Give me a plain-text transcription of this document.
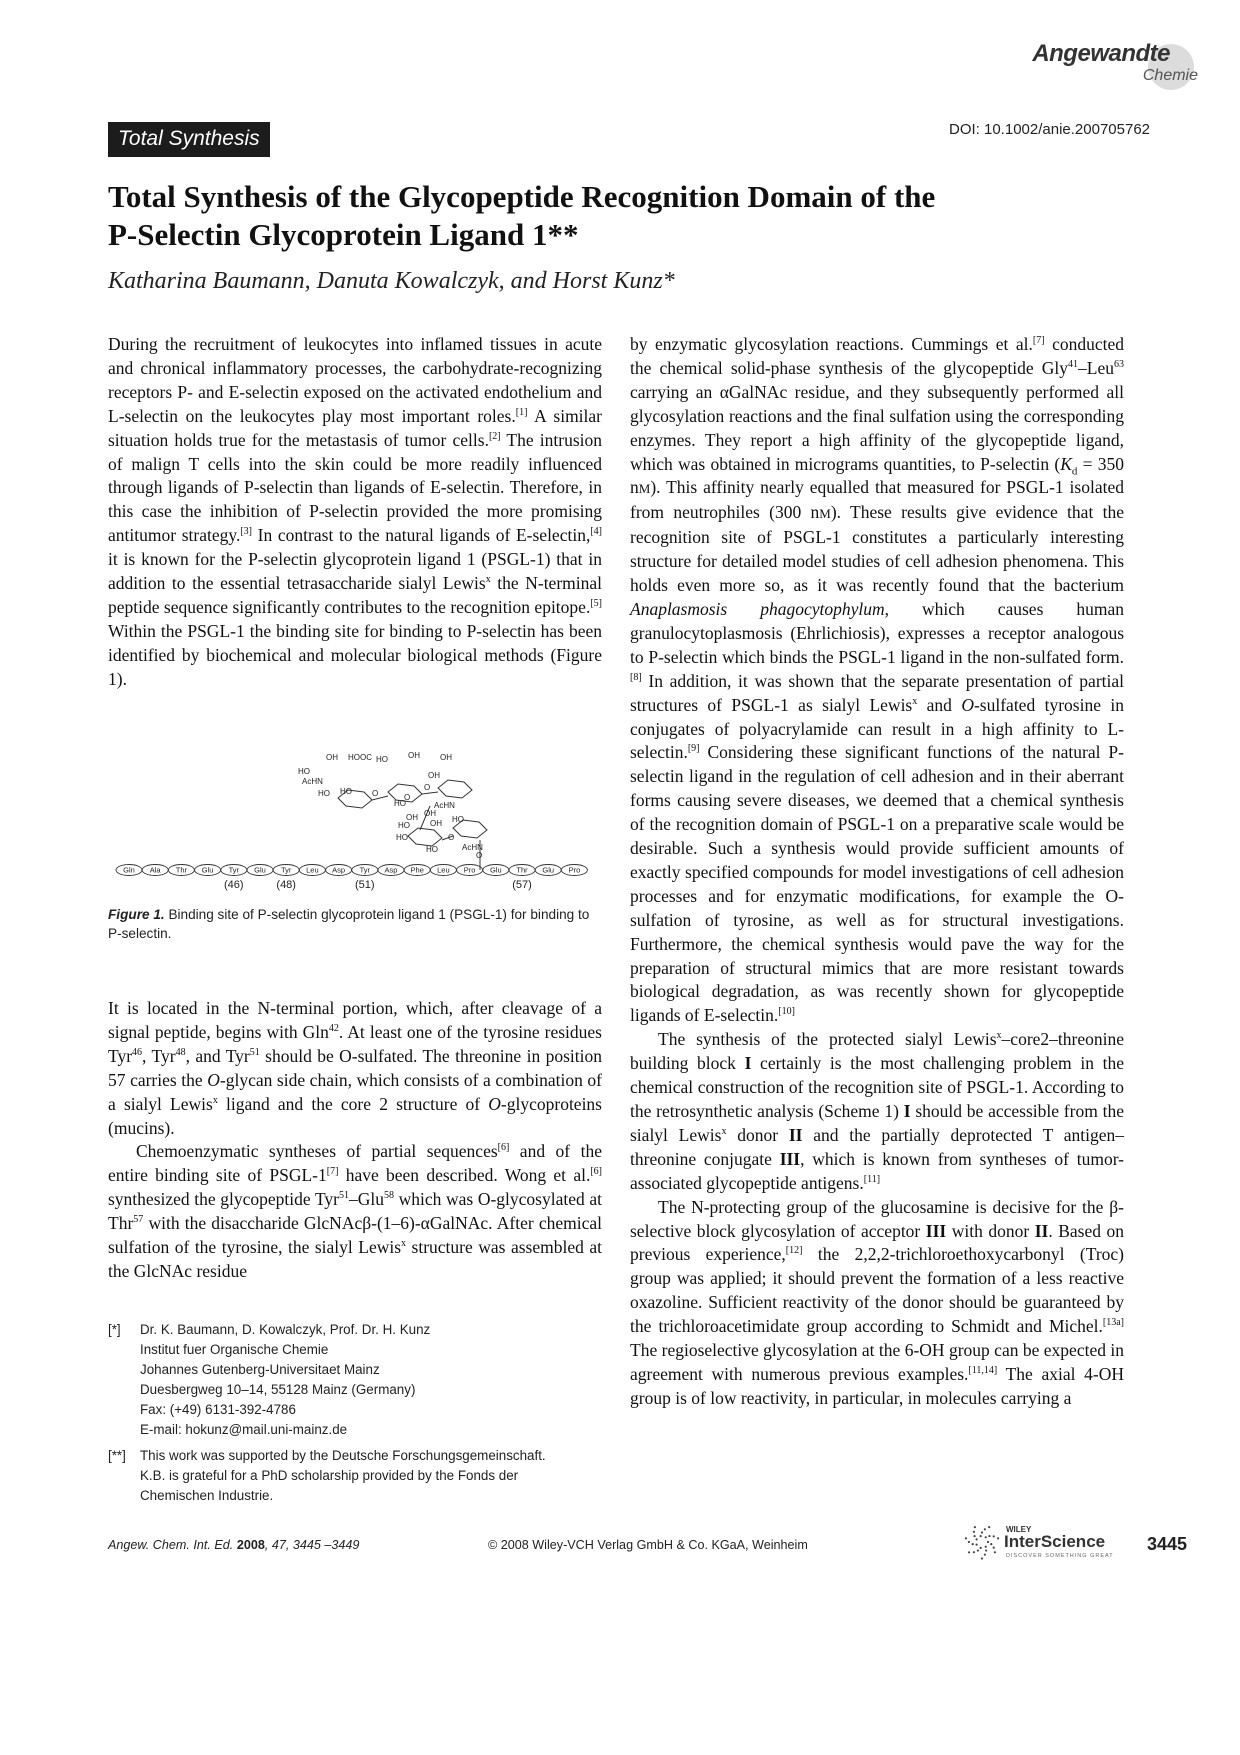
Angewandte
Chemie
Total Synthesis	DOI: 10.1002/anie.200705762
Total Synthesis of the Glycopeptide Recognition Domain of the
P-Selectin Glycoprotein Ligand 1**
Katharina Baumann, Danuta Kowalczyk, and Horst Kunz*

During the recruitment of leukocytes into inflamed tissues in acute and chronical inflammatory processes, the carbohydrate-recognizing receptors P- and E-selectin exposed on the activated endothelium and L-selectin on the leukocytes play most important roles.[1] A similar situation holds true for the metastasis of tumor cells.[2] The intrusion of malign T cells into the skin could be more readily influenced through ligands of P-selectin than ligands of E-selectin. Therefore, in this case the inhibition of P-selectin provided the more promising antitumor strategy.[3] In contrast to the natural ligands of E-selectin,[4] it is known for the P-selectin glycoprotein ligand 1 (PSGL-1) that in addition to the essential tetrasaccharide sialyl Lewis$^x$ the N-terminal peptide sequence significantly contributes to the recognition epitope.[5] Within the PSGL-1 the binding site for binding to P-selectin has been identified by biochemical and molecular biological methods (Figure 1).

OH HOOC HO	OH	OH
HO
AcHN
HO HO	O
O
AcHN
OH
HO
O
OH
HO
OH
OH
HO	O
AcHN
HO
HO
O
Gln Ala Thr Glu Tyr Glu Tyr Leu Asp Tyr Asp Phe Leu Pro Glu Thr Glu Pro
(46)	(48)	(51)	(57)
Figure 1. Binding site of P-selectin glycoprotein ligand 1 (PSGL-1) for binding to P-selectin.

It is located in the N-terminal portion, which, after cleavage of a signal peptide, begins with Gln$^{42}$. At least one of the tyrosine residues Tyr$^{46}$, Tyr$^{48}$, and Tyr$^{51}$ should be O-sulfated. The threonine in position 57 carries the O-glycan side chain, which consists of a combination of a sialyl Lewis$^x$ ligand and the core 2 structure of O-glycoproteins (mucins).

Chemoenzymatic syntheses of partial sequences[6] and of the entire binding site of PSGL-1[7] have been described. Wong et al.[6] synthesized the glycopeptide Tyr$^{51}$–Glu$^{58}$ which was O-glycosylated at Thr$^{57}$ with the disaccharide GlcNAcβ-(1–6)-αGalNAc. After chemical sulfation of the tyrosine, the sialyl Lewis$^x$ structure was assembled at the GlcNAc residue

by enzymatic glycosylation reactions. Cummings et al.[7] conducted the chemical solid-phase synthesis of the glycopeptide Gly$^{41}$–Leu$^{63}$ carrying an αGalNAc residue, and they subsequently performed all glycosylation reactions and the final sulfation using the corresponding enzymes. They report a high affinity of the glycopeptide ligand, which was obtained in micrograms quantities, to P-selectin ($K_d = 350$ nM). This affinity nearly equalled that measured for PSGL-1 isolated from neutrophiles (300 nM). These results give evidence that the recognition site of PSGL-1 constitutes a particularly interesting structure for detailed model studies of cell adhesion phenomena. This holds even more so, as it was recently found that the bacterium Anaplasmosis phagocytophylum, which causes human granulocytoplasmosis (Ehrlichiosis), expresses a receptor analogous to P-selectin which binds the PSGL-1 ligand in the non-sulfated form.[8] In addition, it was shown that the separate presentation of partial structures of PSGL-1 as sialyl Lewis$^x$ and O-sulfated tyrosine in conjugates of polyacrylamide can result in a high affinity to L-selectin.[9] Considering these significant functions of the natural P-selectin ligand in the regulation of cell adhesion and in their aberrant forms causing severe diseases, we deemed that a chemical synthesis of the recognition domain of PSGL-1 on a preparative scale would be desirable. Such a synthesis would provide sufficient amounts of exactly specified compounds for model investigations of cell adhesion processes and for enzymatic modifications, for example the O-sulfation of tyrosine, as well as for structural investigations. Furthermore, the chemical synthesis would pave the way for the preparation of structural mimics that are more resistant towards biological degradation, as was recently shown for glycopeptide ligands of E-selectin.[10]

The synthesis of the protected sialyl Lewis$^x$–core2–threonine building block I certainly is the most challenging problem in the chemical construction of the recognition site of PSGL-1. According to the retrosynthetic analysis (Scheme 1) I should be accessible from the sialyl Lewis$^x$ donor II and the partially deprotected T antigen–threonine conjugate III, which is known from syntheses of tumor-associated glycopeptide antigens.[11]

The N-protecting group of the glucosamine is decisive for the β-selective block glycosylation of acceptor III with donor II. Based on previous experience,[12] the 2,2,2-trichloroethoxycarbonyl (Troc) group was applied; it should prevent the formation of a less reactive oxazoline. Sufficient reactivity of the donor should be guaranteed by the trichloroacetimidate group according to Schmidt and Michel.[13a] The regioselective glycosylation at the 6-OH group can be expected in agreement with numerous previous examples.[11,14] The axial 4-OH group is of low reactivity, in particular, in molecules carrying a

[*]	Dr. K. Baumann, D. Kowalczyk, Prof. Dr. H. Kunz
Institut fuer Organische Chemie
Johannes Gutenberg-Universitaet Mainz
Duesbergweg 10–14, 55128 Mainz (Germany)
Fax: (+49) 6131-392-4786
E-mail: hokunz@mail.uni-mainz.de
[**]	This work was supported by the Deutsche Forschungsgemeinschaft.
K.B. is grateful for a PhD scholarship provided by the Fonds der
Chemischen Industrie.
Angew. Chem. Int. Ed. 2008, 47, 3445 –3449	© 2008 Wiley-VCH Verlag GmbH & Co. KGaA, Weinheim
WILEY
InterScience
DISCOVER SOMETHING GREAT
3445
